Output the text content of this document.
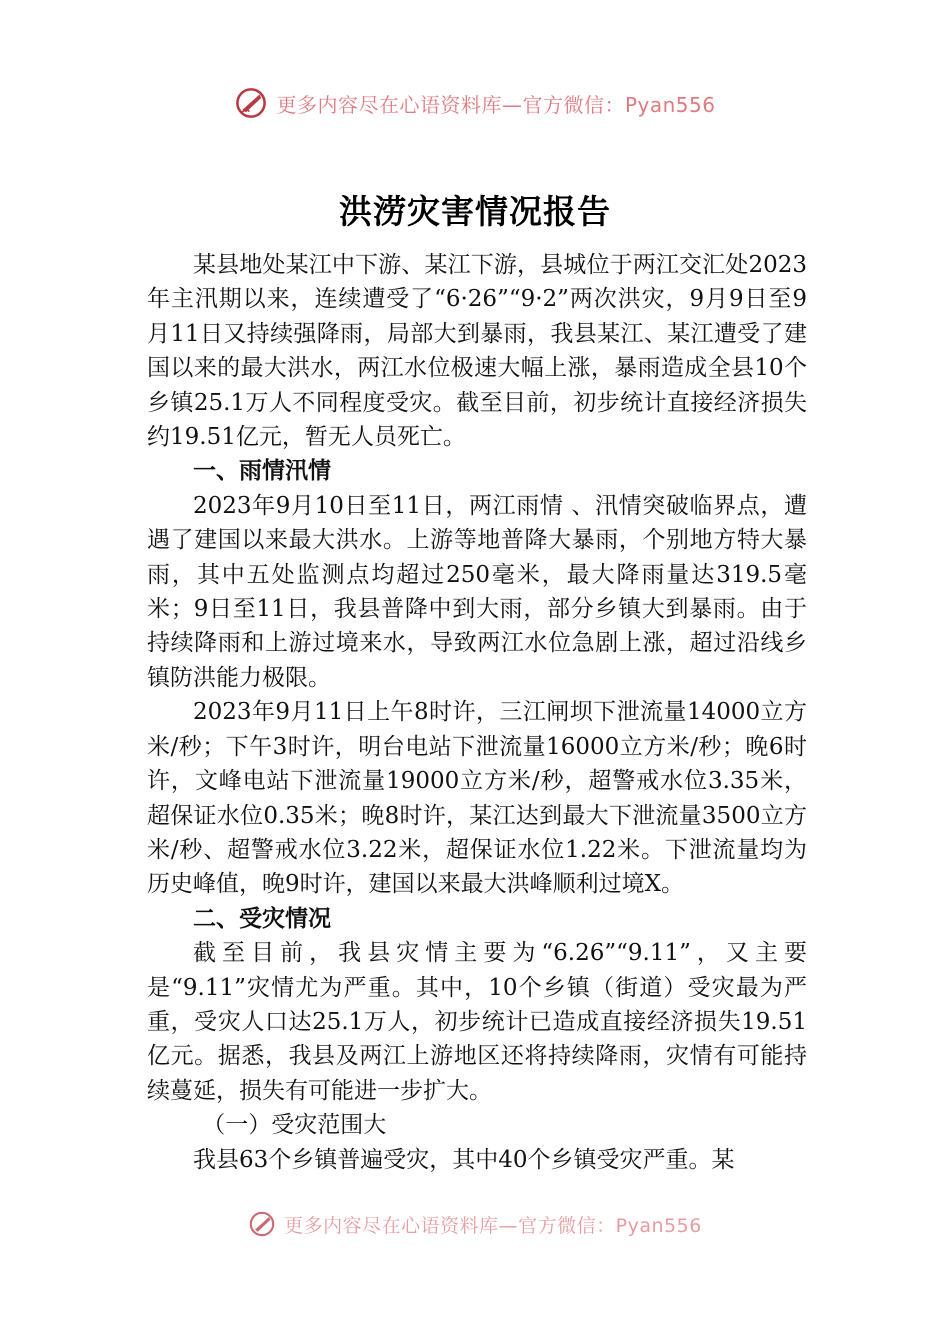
更多内容尽在心语资料库—官方微信：Pyan556
洪涝灾害情况报告

某县地处某江中下游、某江下游，县城位于两江交汇处2023年主汛期以来，连续遭受了“6·26”“9·2”两次洪灾，9月9日至9月11日又持续强降雨，局部大到暴雨，我县某江、某江遭受了建国以来的最大洪水，两江水位极速大幅上涨，暴雨造成全县10个乡镇25.1万人不同程度受灾。截至目前，初步统计直接经济损失约19.51亿元，暂无人员死亡。

一、雨情汛情

2023年9月10日至11日，两江雨情 、汛情突破临界点，遭遇了建国以来最大洪水。上游等地普降大暴雨，个别地方特大暴雨，其中五处监测点均超过250毫米，最大降雨量达319.5毫米；9日至11日，我县普降中到大雨，部分乡镇大到暴雨。由于持续降雨和上游过境来水，导致两江水位急剧上涨，超过沿线乡镇防洪能力极限。

2023年9月11日上午8时许，三江闸坝下泄流量14000立方米/秒；下午3时许，明台电站下泄流量16000立方米/秒；晚6时许，文峰电站下泄流量19000立方米/秒，超警戒水位3.35米，超保证水位0.35米；晚8时许，某江达到最大下泄流量3500立方米/秒、超警戒水位3.22米，超保证水位1.22米。下泄流量均为历史峰值，晚9时许，建国以来最大洪峰顺利过境X。

二、受灾情况

截至目前，我县灾情主要为“6.26”“9.11”，又主要是“9.11”灾情尤为严重。其中，10个乡镇（街道）受灾最为严重，受灾人口达25.1万人，初步统计已造成直接经济损失19.51亿元。据悉，我县及两江上游地区还将持续降雨，灾情有可能持续蔓延，损失有可能进一步扩大。

（一）受灾范围大

我县63个乡镇普遍受灾，其中40个乡镇受灾严重。某

更多内容尽在心语资料库—官方微信：Pyan556
